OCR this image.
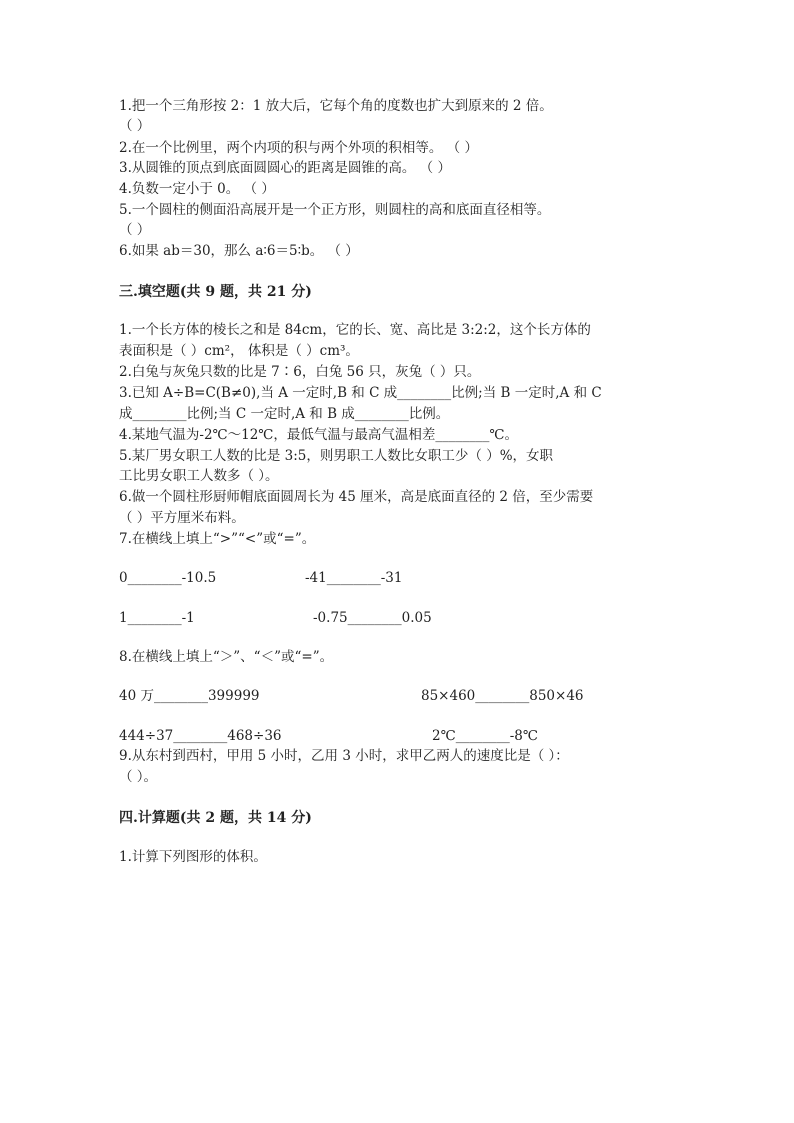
1.把一个三角形按 2：1 放大后，它每个角的度数也扩大到原来的 2 倍。
（ ）
2.在一个比例里，两个内项的积与两个外项的积相等。 （ ）
3.从圆锥的顶点到底面圆圆心的距离是圆锥的高。 （ ）
4.负数一定小于 0。 （ ）
5.一个圆柱的侧面沿高展开是一个正方形，则圆柱的高和底面直径相等。
（ ）
6.如果 ab＝30，那么 a∶6＝5∶b。 （ ）
三.填空题(共 9 题，共 21 分)
1.一个长方体的棱长之和是 84cm，它的长、宽、高比是 3:2:2，这个长方体的
表面积是（ ）cm²， 体积是（ ）cm³。
2.白兔与灰兔只数的比是 7∶6，白兔 56 只，灰兔（ ）只。
3.已知 A÷B=C(B≠0),当 A 一定时,B 和 C 成________比例;当 B 一定时,A 和 C
成________比例;当 C 一定时,A 和 B 成________比例。
4.某地气温为-2℃～12℃，最低气温与最高气温相差________℃。
5.某厂男女职工人数的比是 3:5，则男职工人数比女职工少（ ）%，女职
工比男女职工人数多（ ）。
6.做一个圆柱形厨师帽底面圆周长为 45 厘米，高是底面直径的 2 倍，至少需要
（ ）平方厘米布料。
7.在横线上填上“>”“<”或“=”。
0________-10.5	-41________-31
1________-1	-0.75________0.05
8.在横线上填上“＞”、“＜”或“=”。
40 万________399999	85×460________850×46
444÷37________468÷36	2℃________-8℃
9.从东村到西村，甲用 5 小时，乙用 3 小时，求甲乙两人的速度比是（ ）：
（ ）。
四.计算题(共 2 题，共 14 分)
1.计算下列图形的体积。
